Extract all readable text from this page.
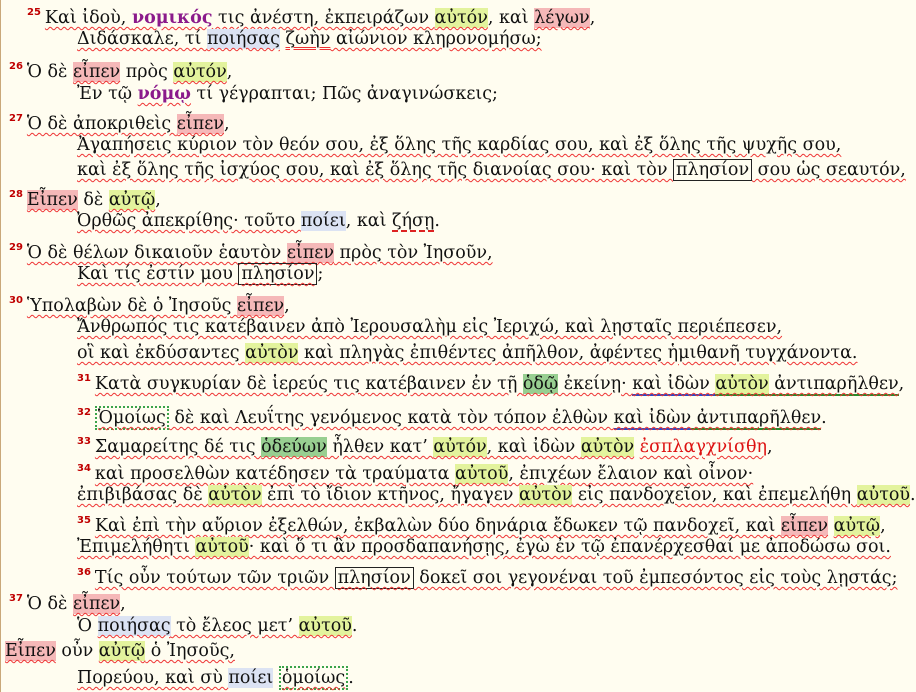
$^{25}$ Καὶ ἰδοὺ, νομικός τις ἀνέστη, ἐκπειράζων αὐτόν, καὶ λέγων,
Διδάσκαλε, τί ποιήσας ζωὴν αἰώνιον κληρονομήσω;
$^{26}$ Ὁ δὲ εἶπεν πρὸς αὐτόν,
Ἐν τῷ νόμῳ τί γέγραπται; Πῶς ἀναγινώσκεις;
$^{27}$ Ὁ δὲ ἀποκριθεὶς εἶπεν,
Ἀγαπήσεις κύριον τὸν θεόν σου, ἐξ ὅλης τῆς καρδίας σου, καὶ ἐξ ὅλης τῆς ψυχῆς σου,
καὶ ἐξ ὅλης τῆς ἰσχύος σου, καὶ ἐξ ὅλης τῆς διανοίας σου· καὶ τὸν πλησίον σου ὡς σεαυτόν,
$^{28}$ Εἶπεν δὲ αὐτῷ,
Ὀρθῶς ἀπεκρίθης· τοῦτο ποίει, καὶ ζήσῃ.
$^{29}$ Ὁ δὲ θέλων δικαιοῦν ἑαυτὸν εἶπεν πρὸς τὸν Ἰησοῦν,
Καὶ τίς ἐστίν μου πλησίον ;
$^{30}$ Ὑπολαβὼν δὲ ὁ Ἰησοῦς εἶπεν,
Ἄνθρωπός τις κατέβαινεν ἀπὸ Ἰερουσαλὴμ εἰς Ἰεριχώ, καὶ λῃσταῖς περιέπεσεν,
οἳ καὶ ἐκδύσαντες αὐτὸν καὶ πληγὰς ἐπιθέντες ἀπῆλθον, ἀφέντες ἡμιθανῆ τυγχάνοντα.
$^{31}$ Κατὰ συγκυρίαν δὲ ἱερεύς τις κατέβαινεν ἐν τῇ ὁδῷ ἐκείνῃ· καὶ ἰδὼν αὐτὸν ἀντιπαρῆλθεν,
$^{32}$ Ὁμοίως δὲ καὶ Λευΐτης γενόμενος κατὰ τὸν τόπον ἐλθὼν καὶ ἰδὼν ἀντιπαρῆλθεν.
$^{33}$ Σαμαρείτης δέ τις ὁδεύων ἦλθεν κατ’ αὐτόν, καὶ ἰδὼν αὐτὸν ἐσπλαγχνίσθη,
$^{34}$ καὶ προσελθὼν κατέδησεν τὰ τραύματα αὐτοῦ, ἐπιχέων ἔλαιον καὶ οἶνον·
ἐπιβιβάσας δὲ αὐτὸν ἐπὶ τὸ ἴδιον κτῆνος, ἤγαγεν αὐτὸν εἰς πανδοχεῖον, καὶ ἐπεμελήθη αὐτοῦ.
$^{35}$ Καὶ ἐπὶ τὴν αὔριον ἐξελθών, ἐκβαλὼν δύο δηνάρια ἔδωκεν τῷ πανδοχεῖ, καὶ εἶπεν αὐτῷ,
Ἐπιμελήθητι αὐτοῦ· καὶ ὅ τι ἂν προσδαπανήσῃς, ἐγὼ ἐν τῷ ἐπανέρχεσθαί με ἀποδώσω σοι.
$^{36}$ Τίς οὖν τούτων τῶν τριῶν πλησίον δοκεῖ σοι γεγονέναι τοῦ ἐμπεσόντος εἰς τοὺς λῃστάς;
$^{37}$ Ὁ δὲ εἶπεν,
Ὁ ποιήσας τὸ ἔλεος μετ’ αὐτοῦ.
Εἶπεν οὖν αὐτῷ ὁ Ἰησοῦς,
Πορεύου, καὶ σὺ ποίει ὁμοίως .
